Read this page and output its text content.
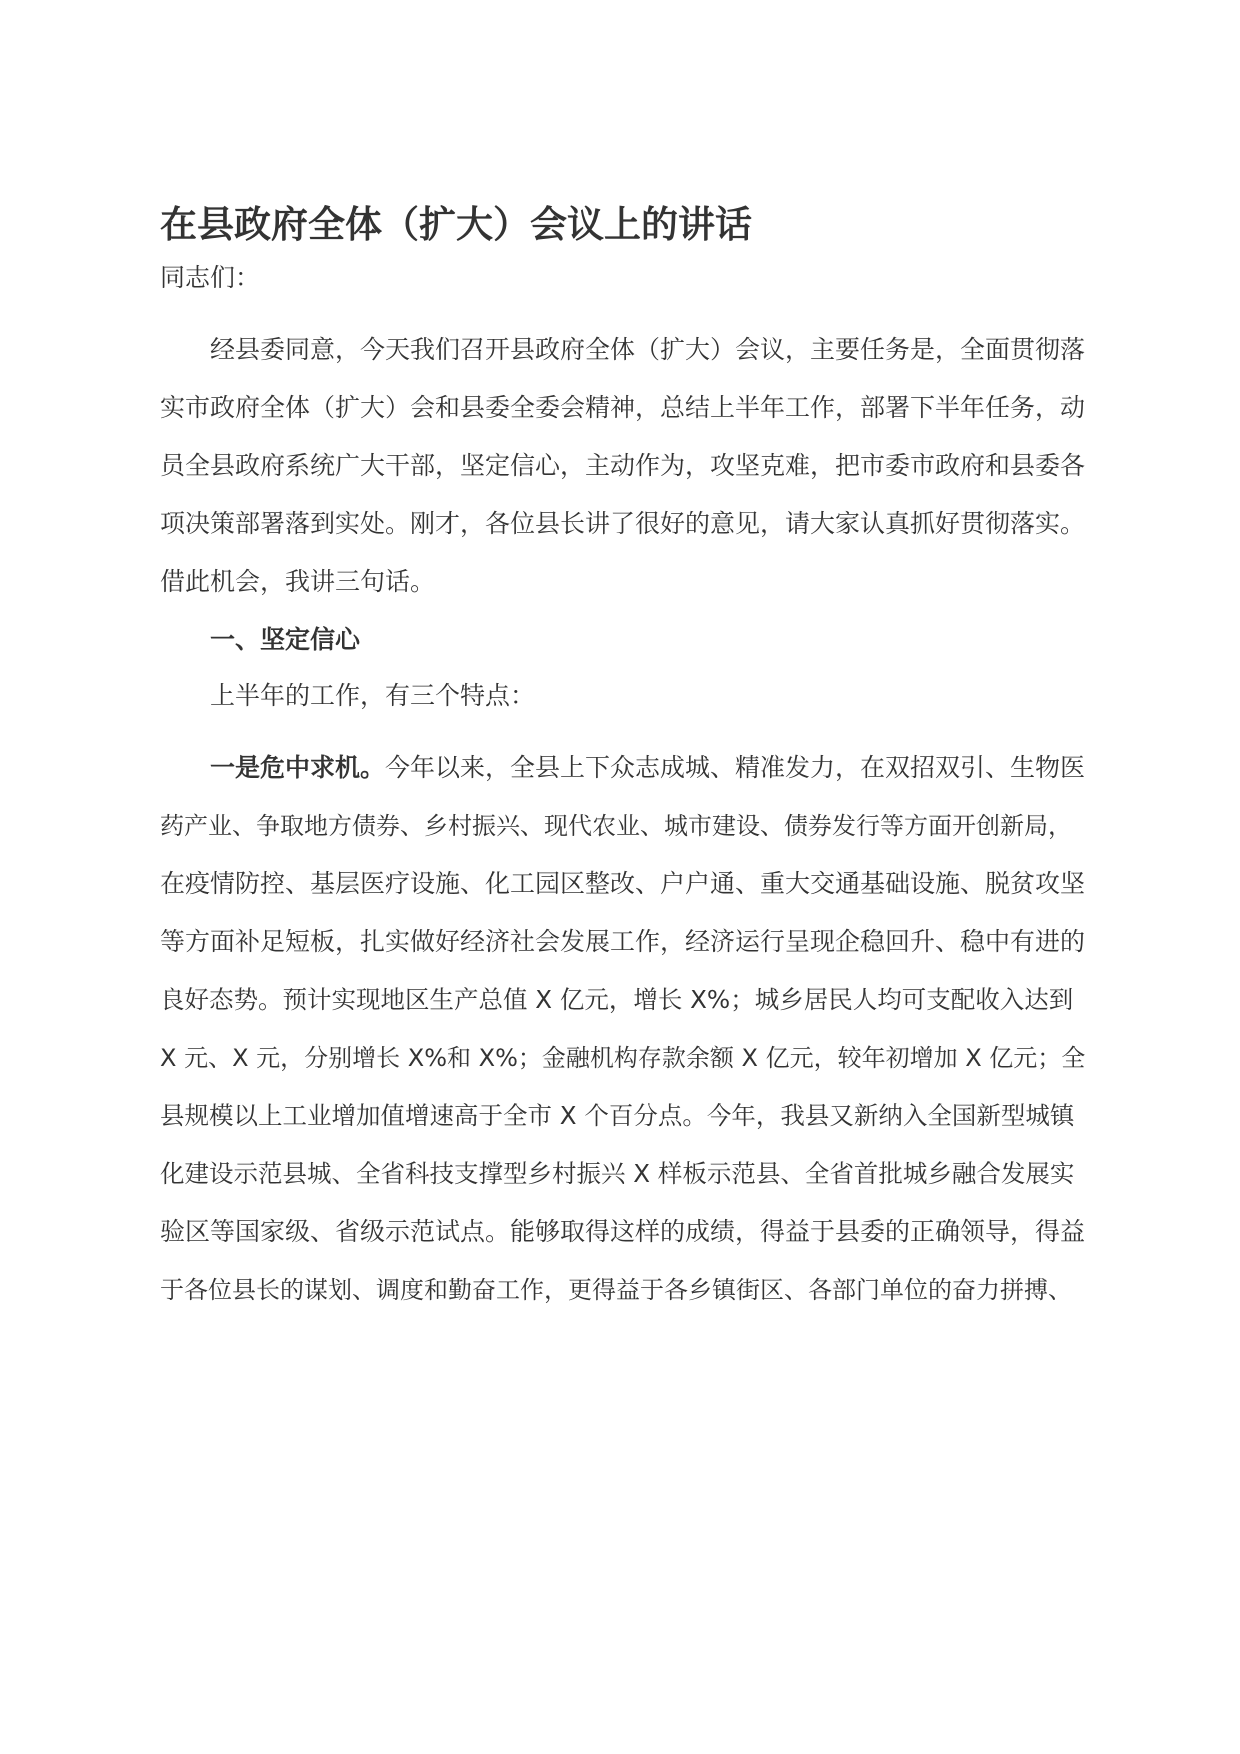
在县政府全体（扩大）会议上的讲话

同志们：

经县委同意，今天我们召开县政府全体（扩大）会议，主要任务是，全面贯彻落

实市政府全体（扩大）会和县委全委会精神，总结上半年工作，部署下半年任务，动

员全县政府系统广大干部，坚定信心，主动作为，攻坚克难，把市委市政府和县委各

项决策部署落到实处。刚才，各位县长讲了很好的意见，请大家认真抓好贯彻落实。

借此机会，我讲三句话。

一、坚定信心

上半年的工作，有三个特点：

一是危中求机。今年以来，全县上下众志成城、精准发力，在双招双引、生物医

药产业、争取地方债券、乡村振兴、现代农业、城市建设、债券发行等方面开创新局，

在疫情防控、基层医疗设施、化工园区整改、户户通、重大交通基础设施、脱贫攻坚

等方面补足短板，扎实做好经济社会发展工作，经济运行呈现企稳回升、稳中有进的

良好态势。预计实现地区生产总值 X 亿元，增长 X%；城乡居民人均可支配收入达到

X 元、X 元，分别增长 X%和 X%；金融机构存款余额 X 亿元，较年初增加 X 亿元；全

县规模以上工业增加值增速高于全市 X 个百分点。今年，我县又新纳入全国新型城镇

化建设示范县城、全省科技支撑型乡村振兴 X 样板示范县、全省首批城乡融合发展实

验区等国家级、省级示范试点。能够取得这样的成绩，得益于县委的正确领导，得益

于各位县长的谋划、调度和勤奋工作，更得益于各乡镇街区、各部门单位的奋力拼搏、
